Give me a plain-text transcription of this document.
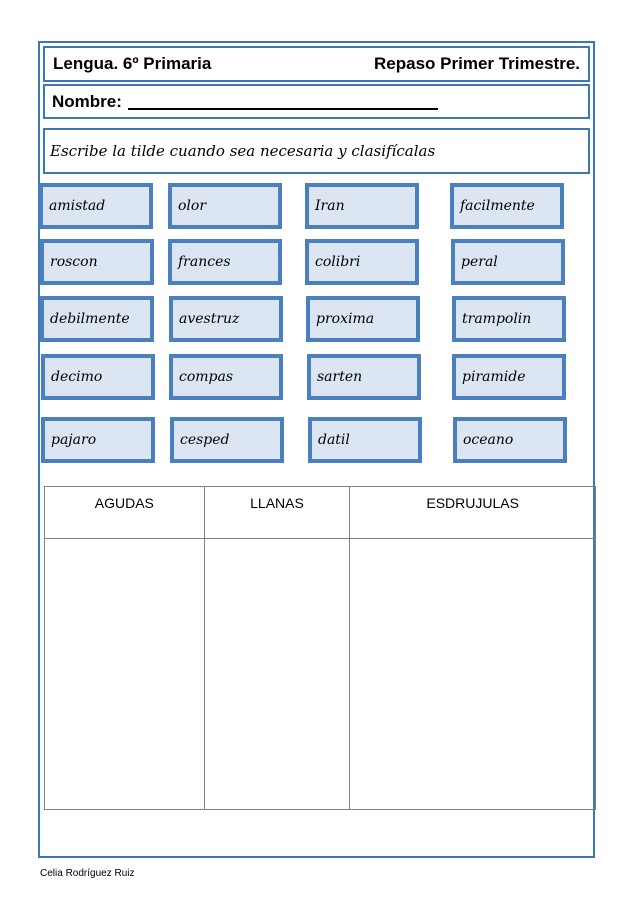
Lengua. 6º Primaria	Repaso Primer Trimestre.
Nombre:
Escribe la tilde cuando sea necesaria y clasifícalas
amistad	olor	Iran	facilmente
roscon	frances	colibri	peral
debilmente	avestruz	proxima	trampolin
decimo	compas	sarten	piramide
pajaro	cesped	datil	oceano
AGUDAS	LLANAS	ESDRUJULAS

Celia Rodríguez Ruiz
